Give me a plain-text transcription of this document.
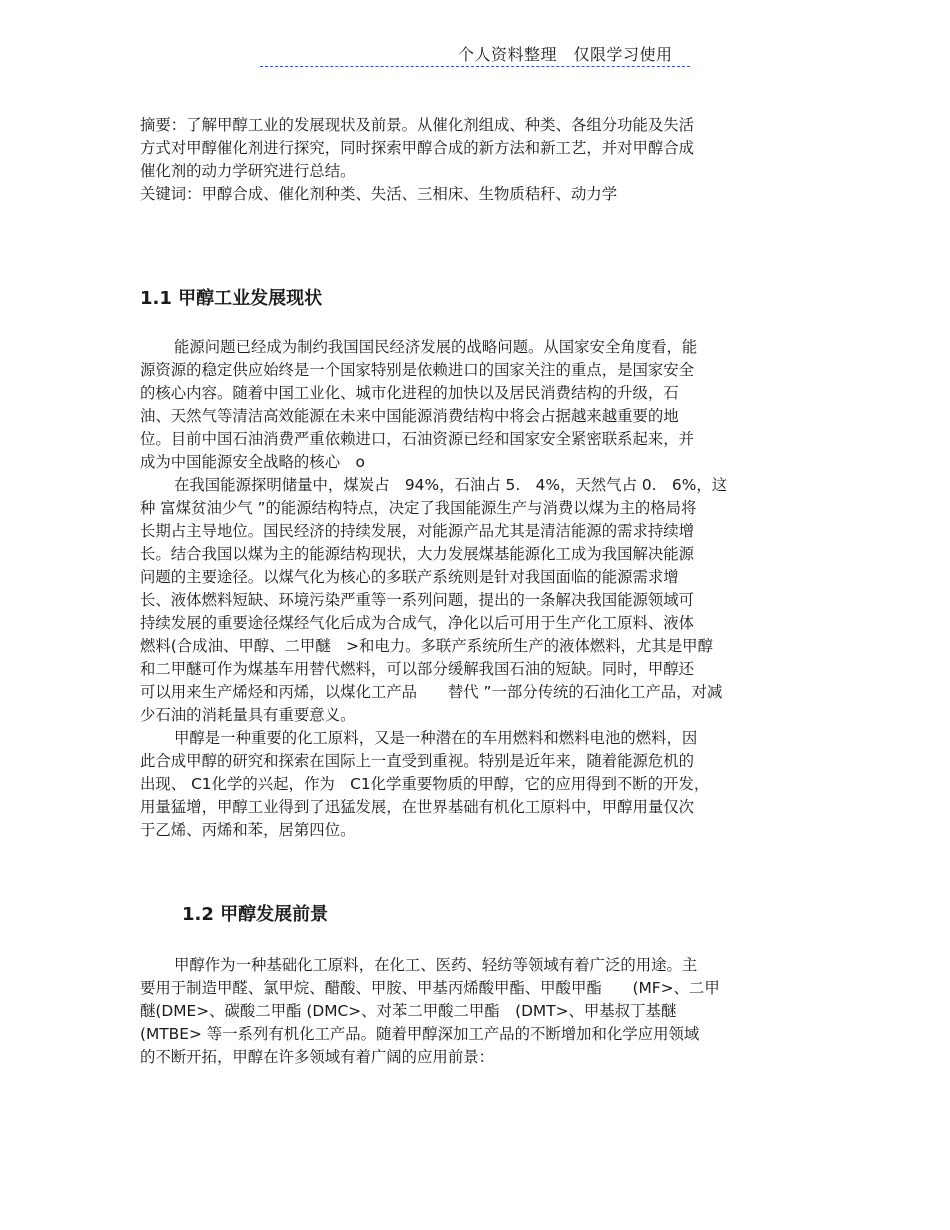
个人资料整理　仅限学习使用

摘要：了解甲醇工业的发展现状及前景。从催化剂组成、种类、各组分功能及失活

方式对甲醇催化剂进行探究，同时探索甲醇合成的新方法和新工艺，并对甲醇合成

催化剂的动力学研究进行总结。

关键词：甲醇合成、催化剂种类、失活、三相床、生物质秸秆、动力学

1.1 甲醇工业发展现状

能源问题已经成为制约我国国民经济发展的战略问题。从国家安全角度看，能

源资源的稳定供应始终是一个国家特别是依赖进口的国家关注的重点，是国家安全

的核心内容。随着中国工业化、城市化进程的加快以及居民消费结构的升级，石

油、天然气等清洁高效能源在未来中国能源消费结构中将会占据越来越重要的地

位。目前中国石油消费严重依赖进口，石油资源已经和国家安全紧密联系起来，并

成为中国能源安全战略的核心　o

在我国能源探明储量中，煤炭占　94%，石油占 5.　4%，天然气占 0.　6%，这

种 富煤贫油少气 ”的能源结构特点，决定了我国能源生产与消费以煤为主的格局将

长期占主导地位。国民经济的持续发展，对能源产品尤其是清洁能源的需求持续增

长。结合我国以煤为主的能源结构现状，大力发展煤基能源化工成为我国解决能源

问题的主要途径。以煤气化为核心的多联产系统则是针对我国面临的能源需求增

长、液体燃料短缺、环境污染严重等一系列问题，提出的一条解决我国能源领域可

持续发展的重要途径煤经气化后成为合成气，净化以后可用于生产化工原料、液体

燃料(合成油、甲醇、二甲醚　>和电力。多联产系统所生产的液体燃料，尤其是甲醇

和二甲醚可作为煤基车用替代燃料，可以部分缓解我国石油的短缺。同时，甲醇还

可以用来生产烯烃和丙烯，以煤化工产品　　替代 ”一部分传统的石油化工产品，对减

少石油的消耗量具有重要意义。

甲醇是一种重要的化工原料，又是一种潜在的车用燃料和燃料电池的燃料，因

此合成甲醇的研究和探索在国际上一直受到重视。特别是近年来，随着能源危机的

出现、 C1化学的兴起，作为　C1化学重要物质的甲醇，它的应用得到不断的开发，

用量猛增，甲醇工业得到了迅猛发展，在世界基础有机化工原料中，甲醇用量仅次

于乙烯、丙烯和苯，居第四位。

1.2 甲醇发展前景

甲醇作为一种基础化工原料，在化工、医药、轻纺等领域有着广泛的用途。主

要用于制造甲醛、氯甲烷、醋酸、甲胺、甲基丙烯酸甲酯、甲酸甲酯　　(MF>、二甲

醚(DME>、碳酸二甲酯 (DMC>、对苯二甲酸二甲酯　(DMT>、甲基叔丁基醚

(MTBE> 等一系列有机化工产品。随着甲醇深加工产品的不断增加和化学应用领域

的不断开拓，甲醇在许多领域有着广阔的应用前景：
